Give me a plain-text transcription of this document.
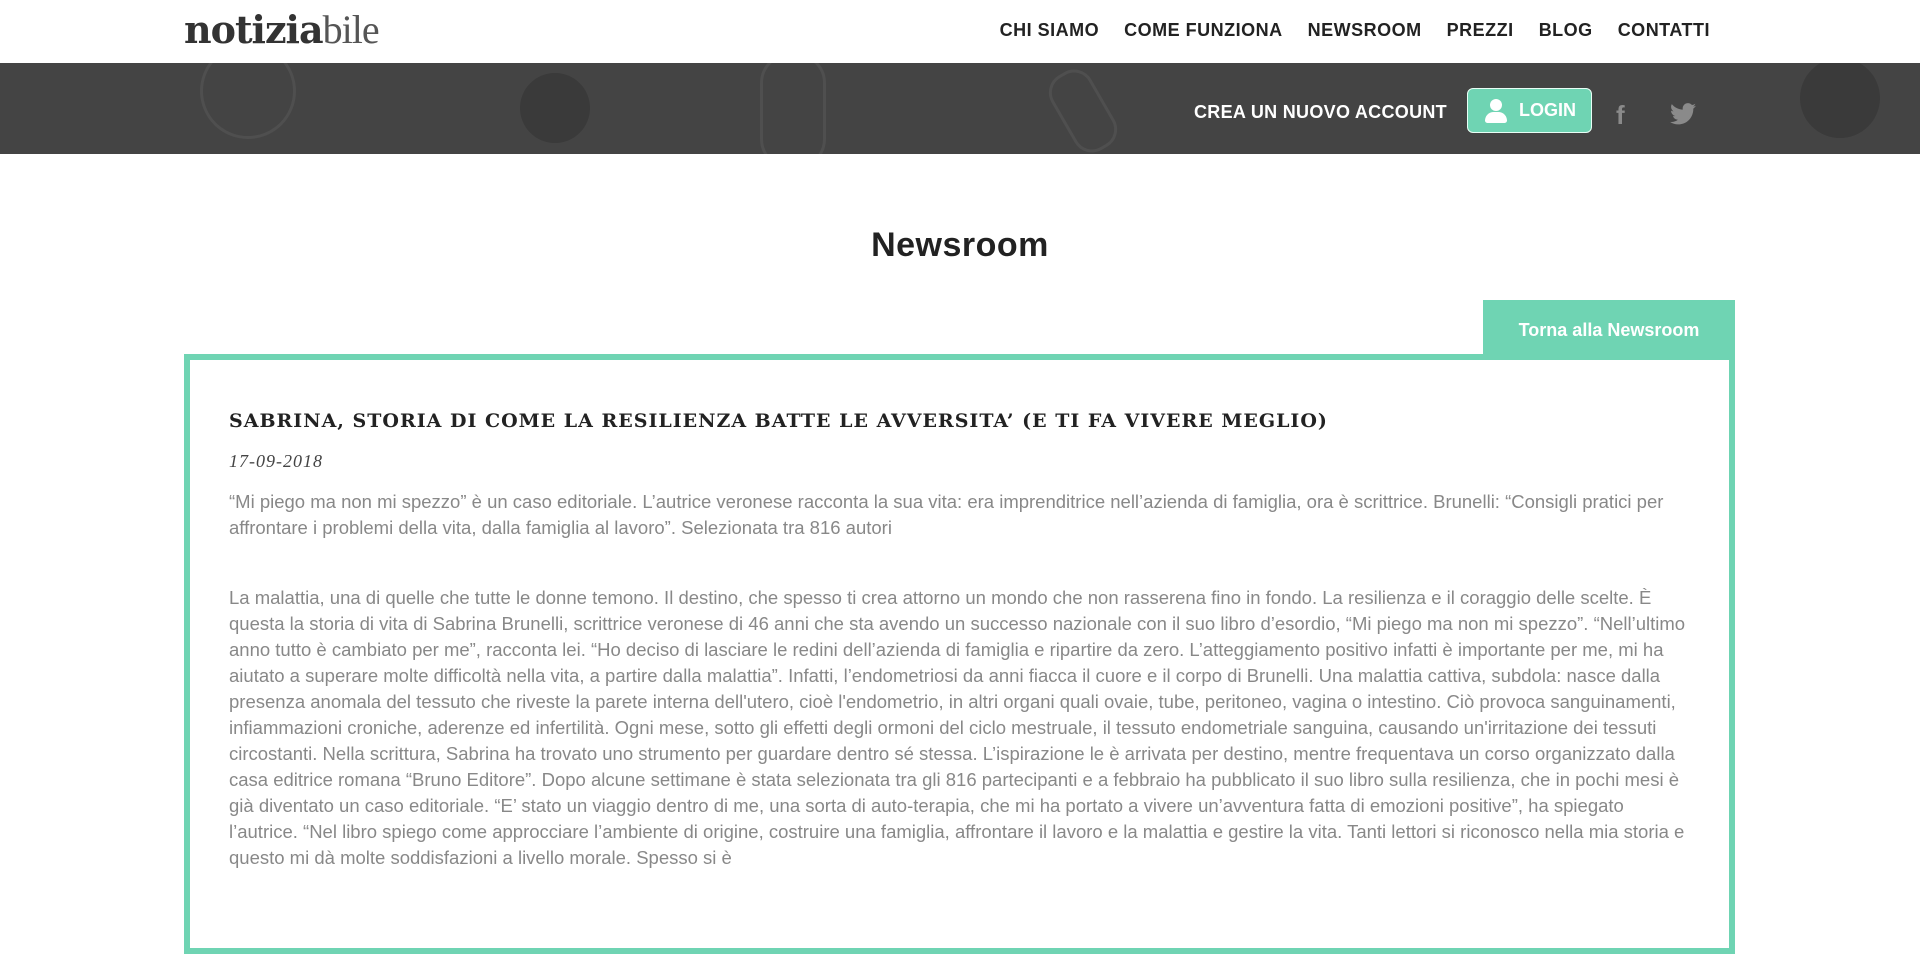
notiziabile	CHI SIAMO COME FUNZIONA NEWSROOM PREZZI BLOG CONTATTI
CREA UN NUOVO ACCOUNT	LOGIN f
Newsroom
Torna alla Newsroom
SABRINA, STORIA DI COME LA RESILIENZA BATTE LE AVVERSITA’ (E TI FA VIVERE MEGLIO)
17-09-2018
“Mi piego ma non mi spezzo” è un caso editoriale. L’autrice veronese racconta la sua vita: era imprenditrice nell’azienda di famiglia, ora è scrittrice. Brunelli: “Consigli pratici per affrontare i problemi della vita, dalla famiglia al lavoro”. Selezionata tra 816 autori
La malattia, una di quelle che tutte le donne temono. Il destino, che spesso ti crea attorno un mondo che non rasserena fino in fondo. La resilienza e il coraggio delle scelte. È questa la storia di vita di Sabrina Brunelli, scrittrice veronese di 46 anni che sta avendo un successo nazionale con il suo libro d’esordio, “Mi piego ma non mi spezzo”. “Nell’ultimo anno tutto è cambiato per me”, racconta lei. “Ho deciso di lasciare le redini dell’azienda di famiglia e ripartire da zero. L’atteggiamento positivo infatti è importante per me, mi ha aiutato a superare molte difficoltà nella vita, a partire dalla malattia”. Infatti, l’endometriosi da anni fiacca il cuore e il corpo di Brunelli. Una malattia cattiva, subdola: nasce dalla presenza anomala del tessuto che riveste la parete interna dell'utero, cioè l'endometrio, in altri organi quali ovaie, tube, peritoneo, vagina o intestino. Ciò provoca sanguinamenti, infiammazioni croniche, aderenze ed infertilità. Ogni mese, sotto gli effetti degli ormoni del ciclo mestruale, il tessuto endometriale sanguina, causando un'irritazione dei tessuti circostanti. Nella scrittura, Sabrina ha trovato uno strumento per guardare dentro sé stessa. L’ispirazione le è arrivata per destino, mentre frequentava un corso organizzato dalla casa editrice romana “Bruno Editore”. Dopo alcune settimane è stata selezionata tra gli 816 partecipanti e a febbraio ha pubblicato il suo libro sulla resilienza, che in pochi mesi è già diventato un caso editoriale. “E’ stato un viaggio dentro di me, una sorta di auto-terapia, che mi ha portato a vivere un’avventura fatta di emozioni positive”, ha spiegato l’autrice. “Nel libro spiego come approcciare l’ambiente di origine, costruire una famiglia, affrontare il lavoro e la malattia e gestire la vita. Tanti lettori si riconosco nella mia storia e questo mi dà molte soddisfazioni a livello morale. Spesso si è
